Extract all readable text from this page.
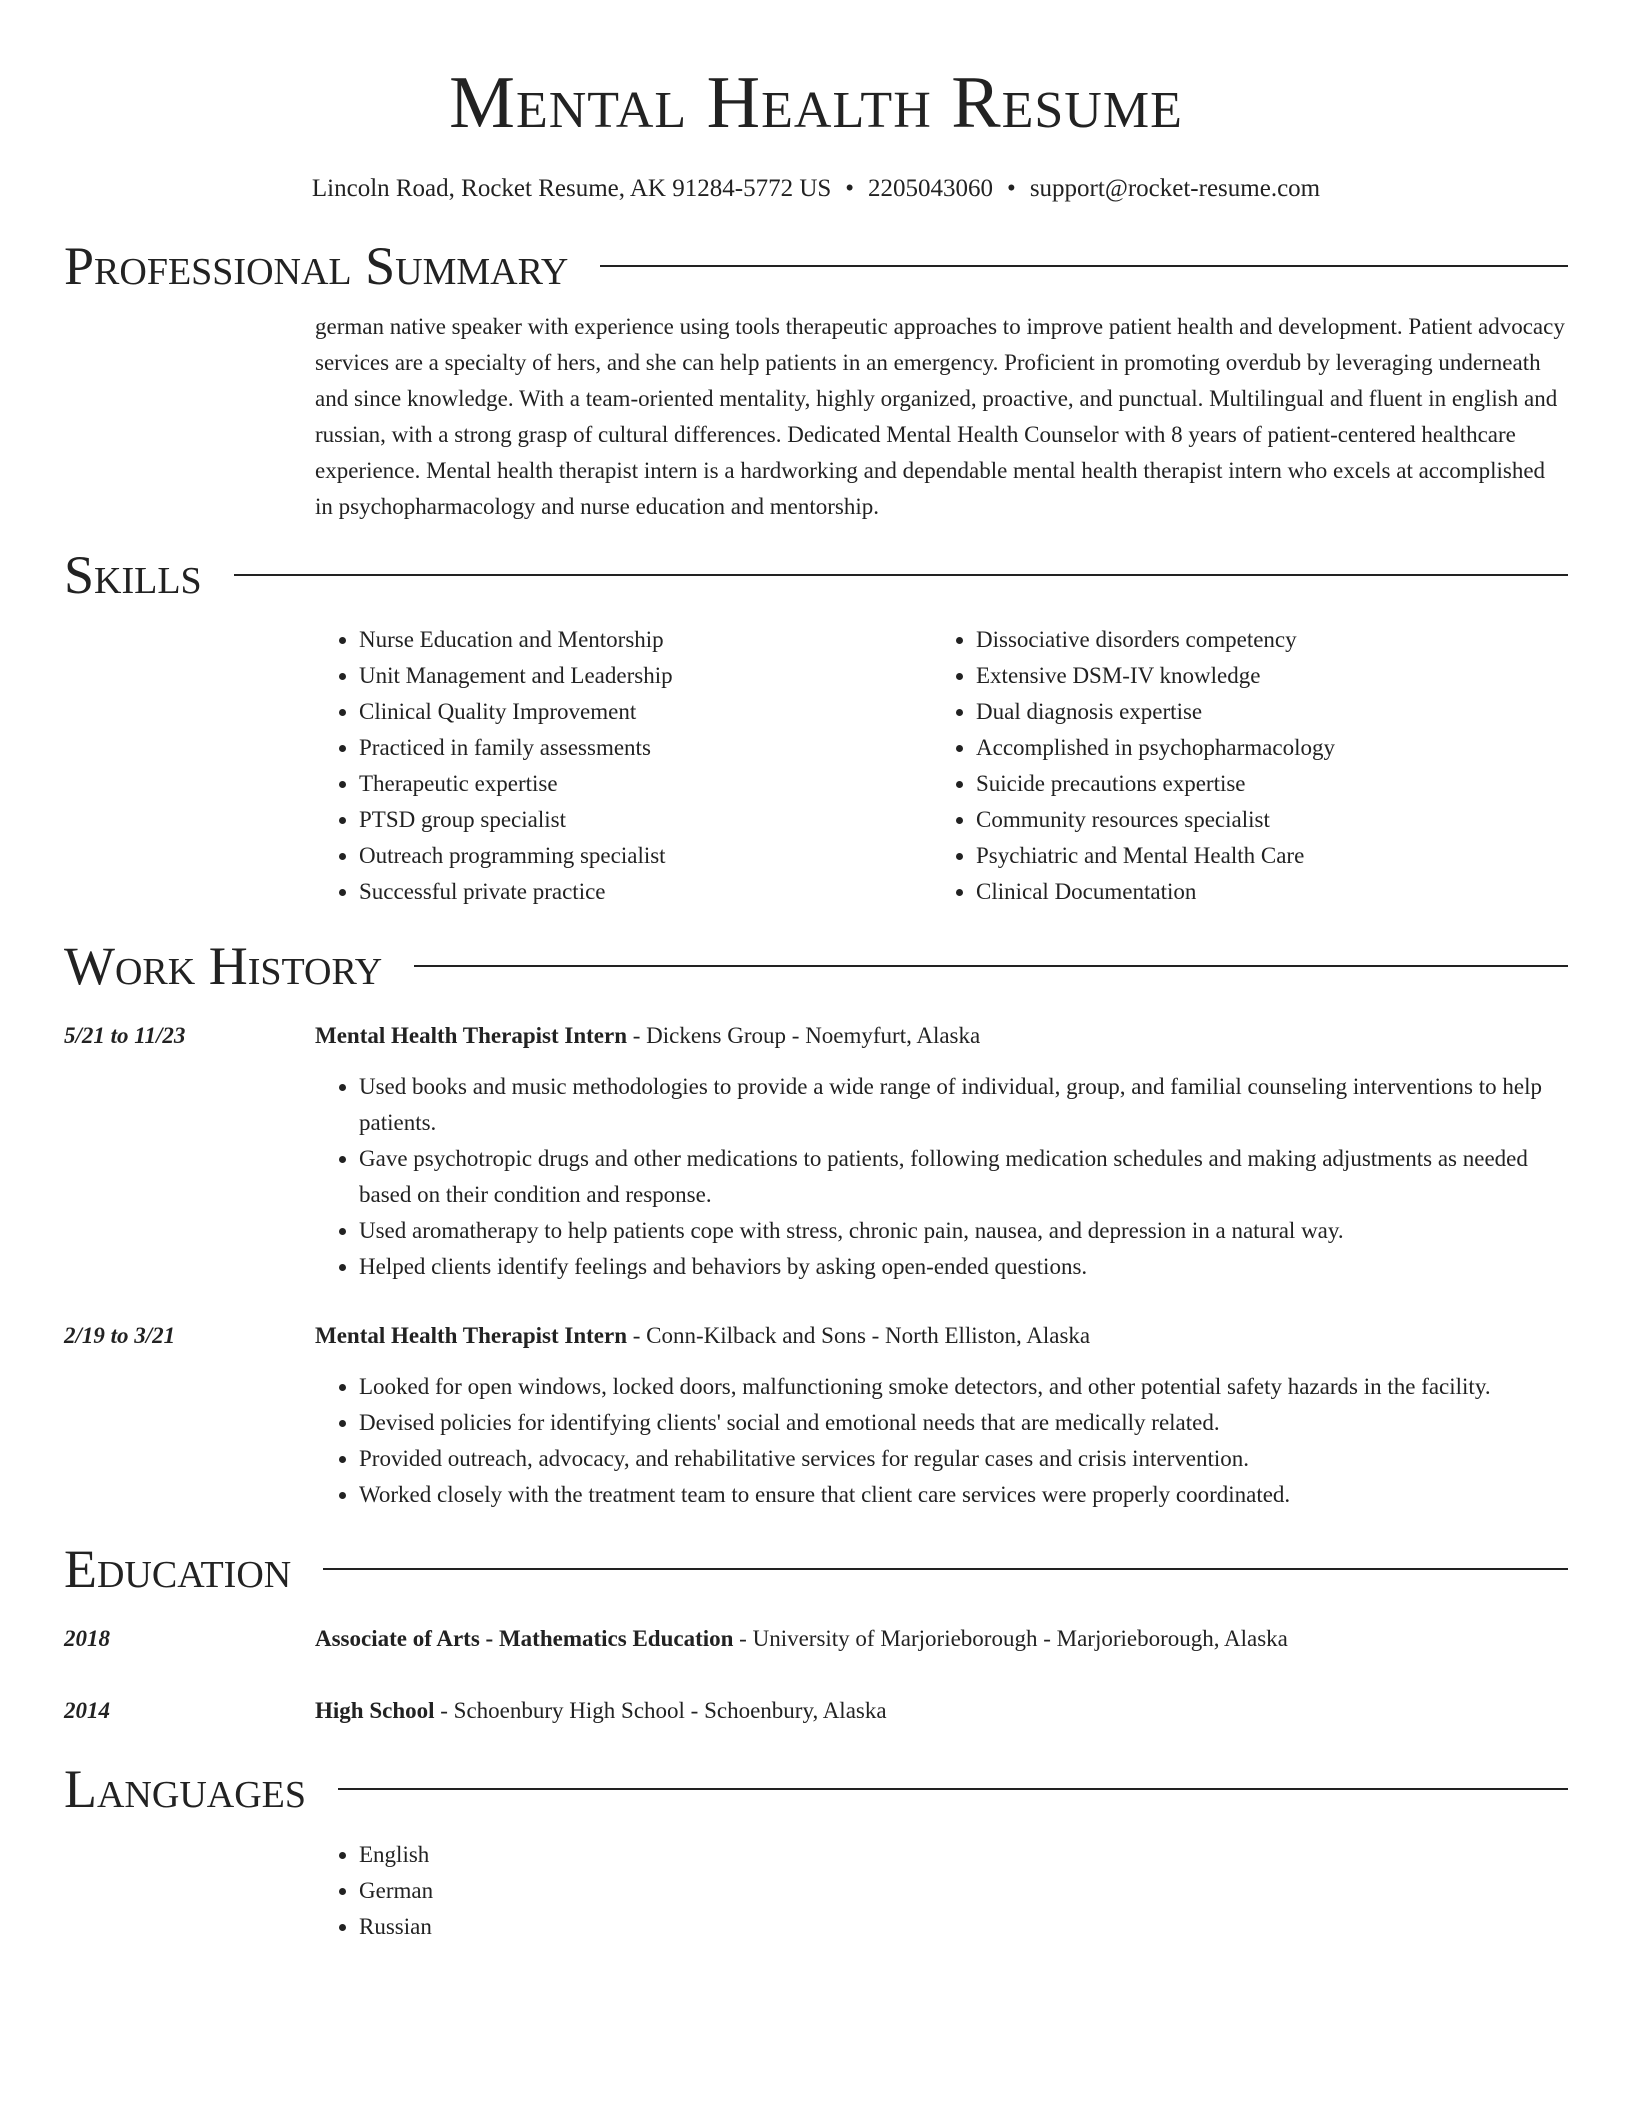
Mental Health Resume
Lincoln Road, Rocket Resume, AK 91284-5772 US • 2205043060 • support@rocket-resume.com
Professional Summary
german native speaker with experience using tools therapeutic approaches to improve patient health and development. Patient advocacy services are a specialty of hers, and she can help patients in an emergency. Proficient in promoting overdub by leveraging underneath and since knowledge. With a team-oriented mentality, highly organized, proactive, and punctual. Multilingual and fluent in english and russian, with a strong grasp of cultural differences. Dedicated Mental Health Counselor with 8 years of patient-centered healthcare experience. Mental health therapist intern is a hardworking and dependable mental health therapist intern who excels at accomplished in psychopharmacology and nurse education and mentorship.
Skills
• Nurse Education and Mentorship
• Unit Management and Leadership
• Clinical Quality Improvement
• Practiced in family assessments
• Therapeutic expertise
• PTSD group specialist
• Outreach programming specialist
• Successful private practice
• Dissociative disorders competency
• Extensive DSM-IV knowledge
• Dual diagnosis expertise
• Accomplished in psychopharmacology
• Suicide precautions expertise
• Community resources specialist
• Psychiatric and Mental Health Care
• Clinical Documentation
Work History
5/21 to 11/23	Mental Health Therapist Intern - Dickens Group - Noemyfurt, Alaska
• Used books and music methodologies to provide a wide range of individual, group, and familial counseling interventions to help patients.
• Gave psychotropic drugs and other medications to patients, following medication schedules and making adjustments as needed based on their condition and response.
• Used aromatherapy to help patients cope with stress, chronic pain, nausea, and depression in a natural way.
• Helped clients identify feelings and behaviors by asking open-ended questions.
2/19 to 3/21	Mental Health Therapist Intern - Conn-Kilback and Sons - North Elliston, Alaska
• Looked for open windows, locked doors, malfunctioning smoke detectors, and other potential safety hazards in the facility.
• Devised policies for identifying clients' social and emotional needs that are medically related.
• Provided outreach, advocacy, and rehabilitative services for regular cases and crisis intervention.
• Worked closely with the treatment team to ensure that client care services were properly coordinated.
Education
2018	Associate of Arts - Mathematics Education - University of Marjorieborough - Marjorieborough, Alaska
2014	High School - Schoenbury High School - Schoenbury, Alaska
Languages
• English
• German
• Russian
